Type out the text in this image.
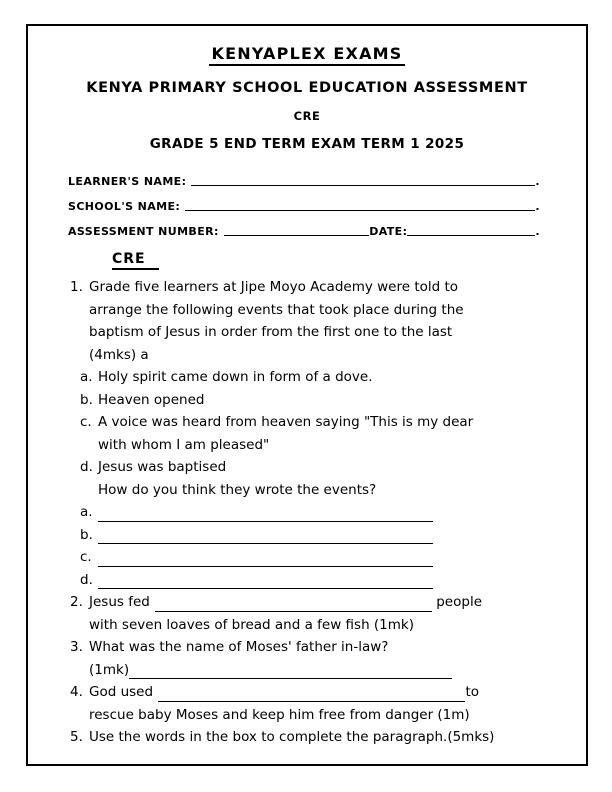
KENYAPLEX EXAMS
KENYA PRIMARY SCHOOL EDUCATION ASSESSMENT
CRE
GRADE 5 END TERM EXAM TERM 1 2025
LEARNER'S NAME:	.
SCHOOL'S NAME:	.
ASSESSMENT NUMBER:	DATE:	.
CRE
1. Grade five learners at Jipe Moyo Academy were told to
arrange the following events that took place during the
baptism of Jesus in order from the first one to the last
(4mks) a
a. Holy spirit came down in form of a dove.
b. Heaven opened
c. A voice was heard from heaven saying "This is my dear
with whom I am pleased"
d. Jesus was baptised
How do you think they wrote the events?
a.
b.
c.
d.
2. Jesus fed	people
with seven loaves of bread and a few fish (1mk)
3. What was the name of Moses' father in-law?
(1mk)
4. God used	to
rescue baby Moses and keep him free from danger (1m)
5. Use the words in the box to complete the paragraph.(5mks)
